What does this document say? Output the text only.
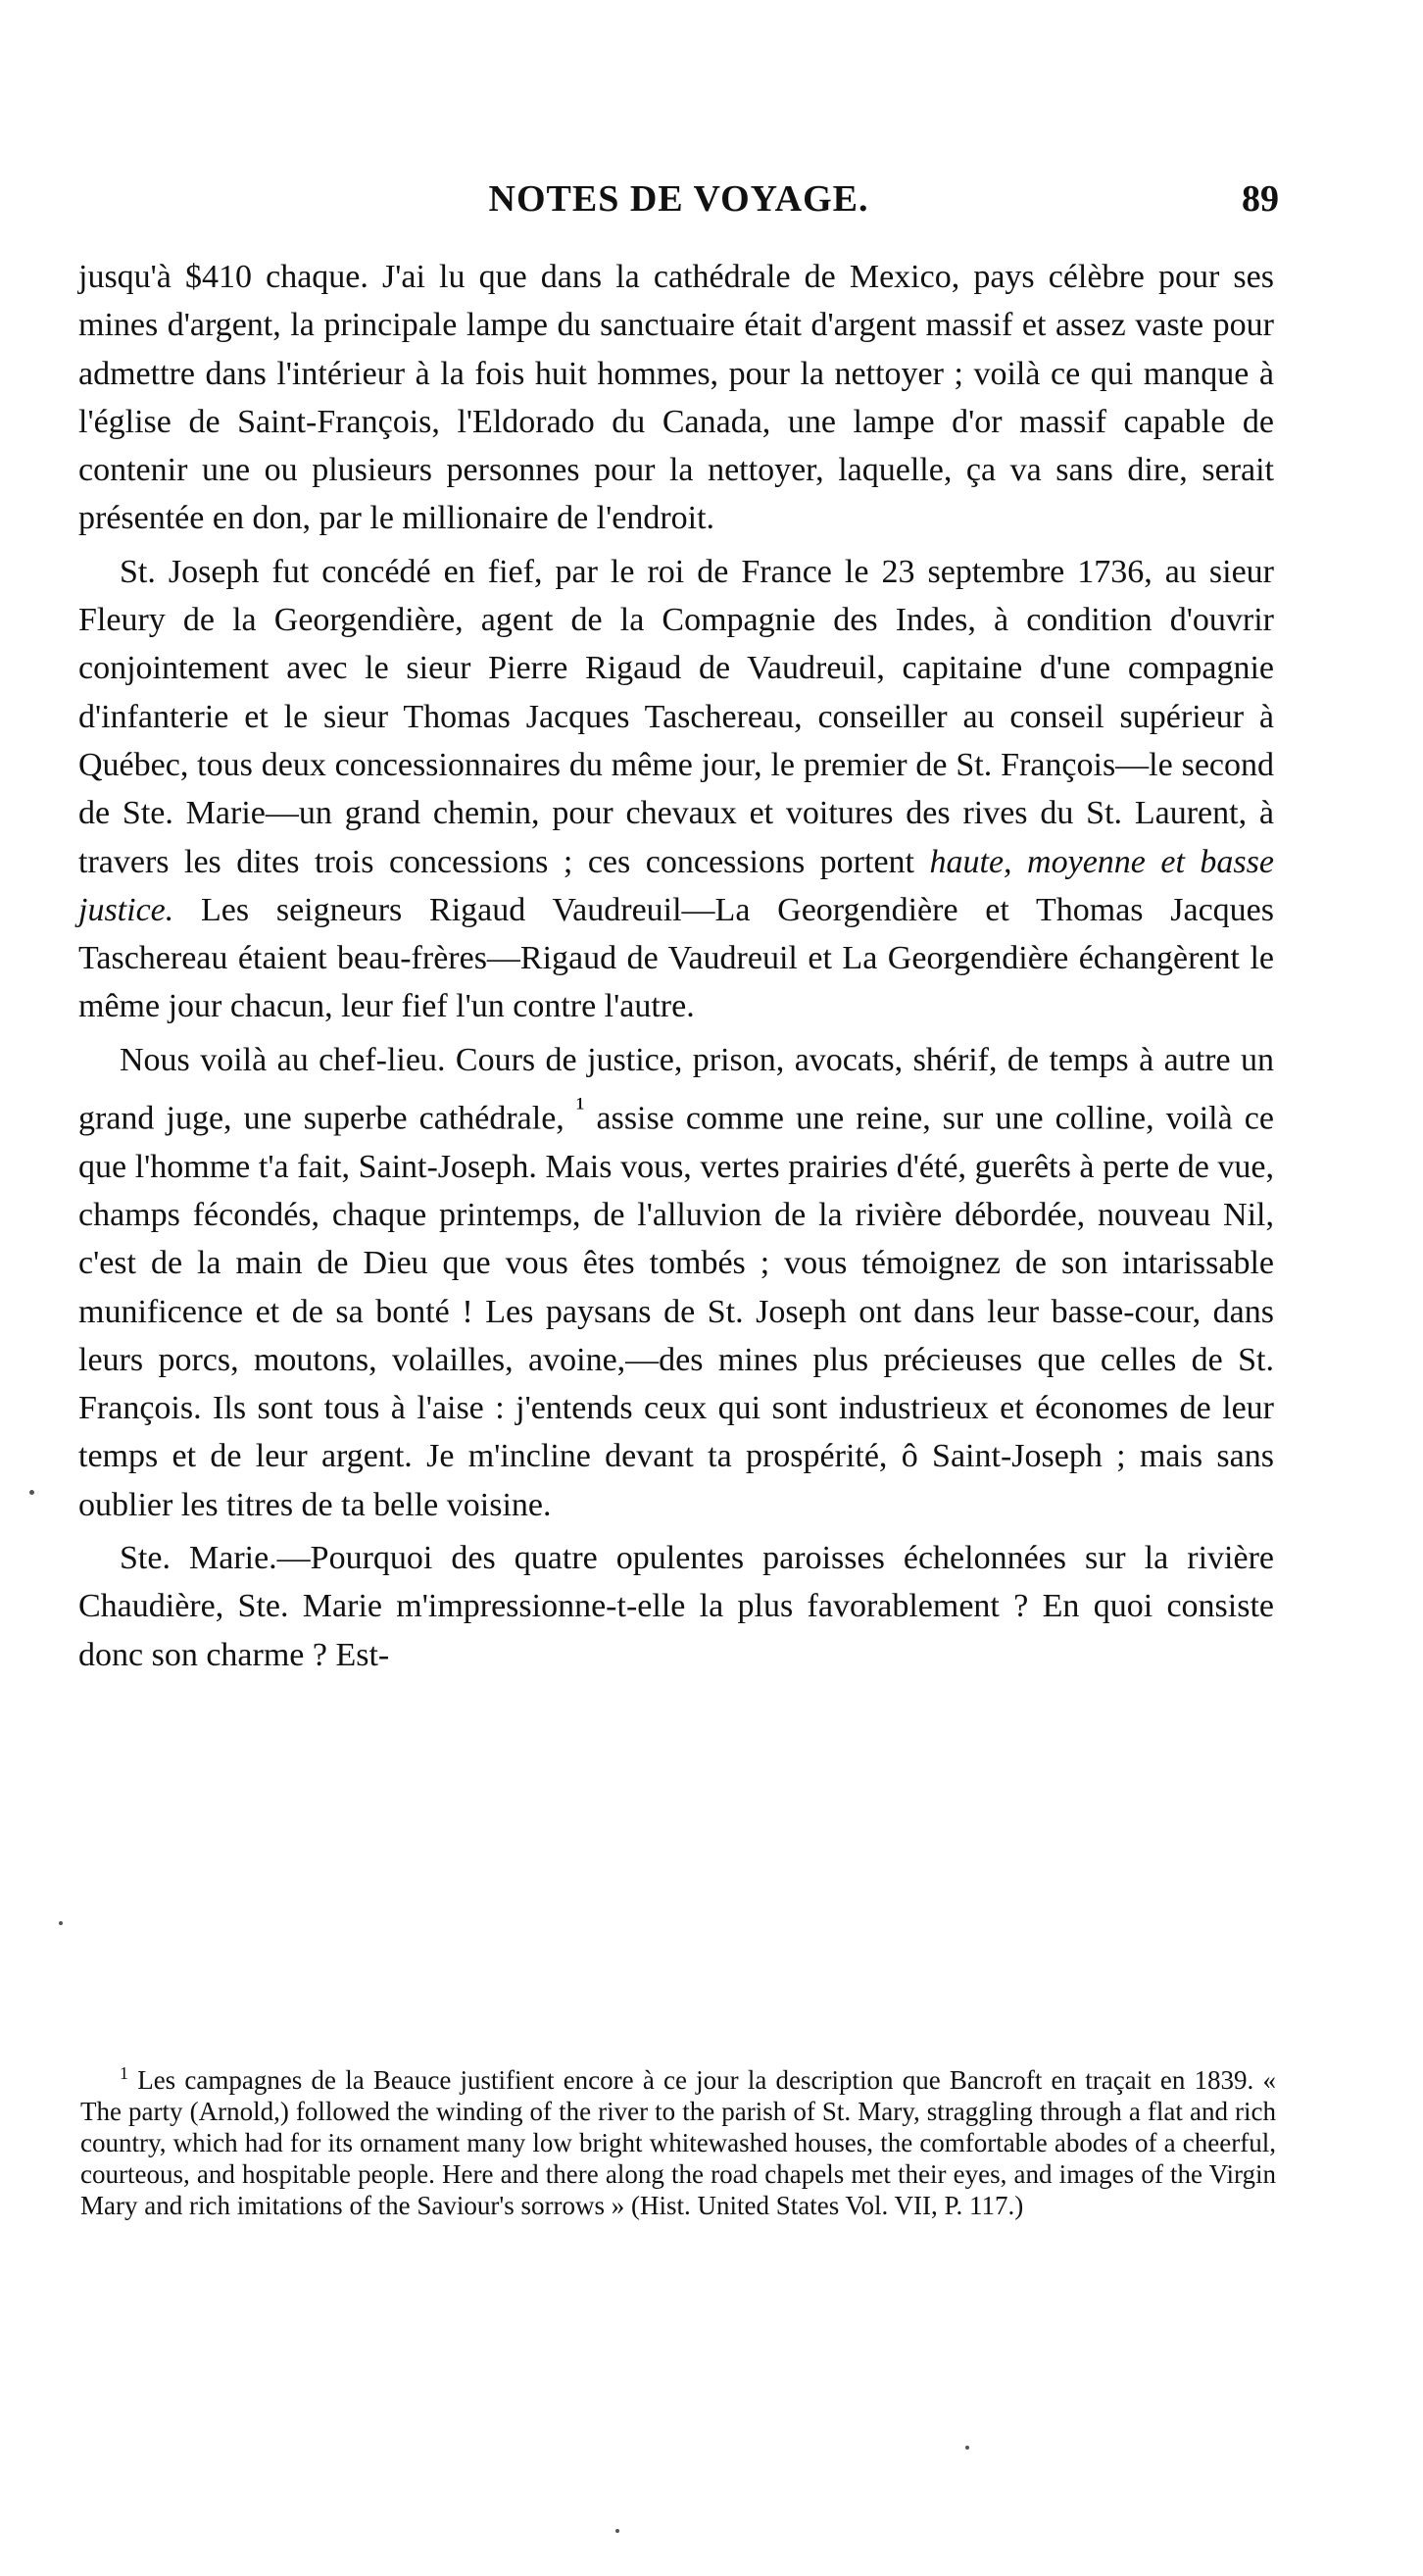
NOTES DE VOYAGE.	89

jusqu'à $410 chaque. J'ai lu que dans la cathédrale de Mexico, pays célèbre pour ses mines d'argent, la principale lampe du sanctuaire était d'argent massif et assez vaste pour admettre dans l'intérieur à la fois huit hommes, pour la nettoyer ; voilà ce qui manque à l'église de Saint-François, l'Eldorado du Canada, une lampe d'or massif capable de contenir une ou plusieurs personnes pour la nettoyer, laquelle, ça va sans dire, serait présentée en don, par le millionaire de l'endroit.

St. Joseph fut concédé en fief, par le roi de France le 23 septembre 1736, au sieur Fleury de la Georgendière, agent de la Compagnie des Indes, à condition d'ouvrir conjointement avec le sieur Pierre Rigaud de Vaudreuil, capitaine d'une compagnie d'infanterie et le sieur Thomas Jacques Taschereau, conseiller au conseil supérieur à Québec, tous deux concessionnaires du même jour, le premier de St. François—le second de Ste. Marie—un grand chemin, pour chevaux et voitures des rives du St. Laurent, à travers les dites trois concessions ; ces concessions portent haute, moyenne et basse justice. Les seigneurs Rigaud Vaudreuil—La Georgendière et Thomas Jacques Taschereau étaient beau-frères—Rigaud de Vaudreuil et La Georgendière échangèrent le même jour chacun, leur fief l'un contre l'autre.

Nous voilà au chef-lieu. Cours de justice, prison, avocats, shérif, de temps à autre un grand juge, une superbe cathédrale, $^{^1}$ assise comme une reine, sur une colline, voilà ce que l'homme t'a fait, Saint-Joseph. Mais vous, vertes prairies d'été, guerêts à perte de vue, champs fécondés, chaque printemps, de l'alluvion de la rivière débordée, nouveau Nil, c'est de la main de Dieu que vous êtes tombés ; vous témoignez de son intarissable munificence et de sa bonté ! Les paysans de St. Joseph ont dans leur basse-cour, dans leurs porcs, moutons, volailles, avoine,—des mines plus précieuses que celles de St. François. Ils sont tous à l'aise : j'entends ceux qui sont industrieux et économes de leur temps et de leur argent. Je m'incline devant ta prospérité, ô Saint-Joseph ; mais sans oublier les titres de ta belle voisine.

Ste. Marie.—Pourquoi des quatre opulentes paroisses échelonnées sur la rivière Chaudière, Ste. Marie m'impressionne-t-elle la plus favorablement ? En quoi consiste donc son charme ? Est-

$^1$ Les campagnes de la Beauce justifient encore à ce jour la description que Bancroft en traçait en 1839. « The party (Arnold,) followed the winding of the river to the parish of St. Mary, straggling through a flat and rich country, which had for its ornament many low bright whitewashed houses, the comfortable abodes of a cheerful, courteous, and hospitable people. Here and there along the road chapels met their eyes, and images of the Virgin Mary and rich imitations of the Saviour's sorrows » (Hist. United States Vol. VII, P. 117.)
